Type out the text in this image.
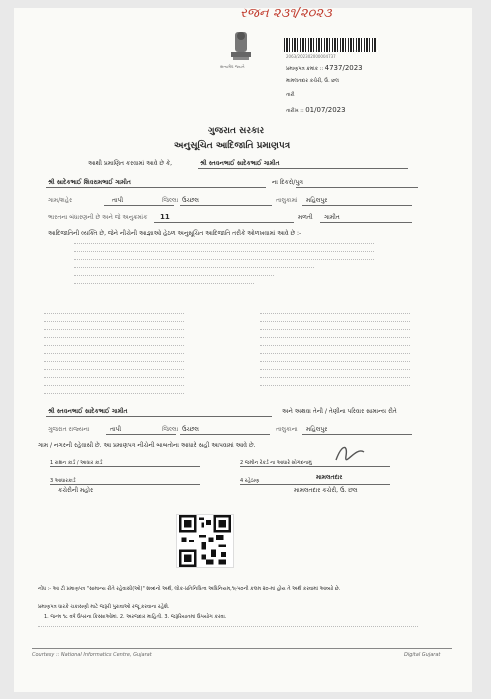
રજન ૨૩૧/૨૦૨૩
2063/202302000004737
સત્યમેવ જયતે	પ્રમાણપત્ર ક્રમાંક :: 4737/2023
મામલતદાર કચેરી, ઉ. છલ
તારી
તારીખ :: 01/07/2023
ગુજરાત સરકાર
અનુસૂચિત આદિજાતિ પ્રમાણપત્ર
આથી પ્રમાણિત કરવામાં આવે છે કે,	શ્રી સ્તવનભાઈ સાદેકભાઈ ગામીત
શ્રી સાદેકભાઈ શિવરામભાઈ ગામીત	ના દિકરો/પુત્ર
ગામ/શહેર	તાપી	જિલ્લા ઉચ્છલ	તાલુકામાં મહિલપુર
ભારતના બંધારણની છે અને જે અનુક્રમાંક 11	મળતી ગામીત
આદિજાતિની વ્યક્તિ છે, જેને નીચેની આજ્ઞાઓ હેઠળ અનુસૂચિત આદિજાતિ તરીકે ઓળખવામાં આવે છે :-
શ્રી સ્તવનભાઈ સાદેકભાઈ ગામીત	અને અથવા તેની / તેણીના પરિવાર સામાન્ય રીતે
ગુજરાત રાજ્યના	તાપી	જિલ્લા ઉચ્છલ	તાલુકાના મહિલપુર
ગામ / નગરની રહેવાસી છે. આ પ્રમાણપત્ર નીચેની બાબતોના આધારે સહી આપવામાં આવે છે.
1 રાશન કાર્ડ / આધાર કાર્ડ	2 જમીન રેકર્ડ ના આધારે સોગંદનામું
3 આધારકાર્ડ	4 રહેઠાણ	મામલતદાર
મામલતદાર કચેરી, ઉ. છલ
કચેરીની મહોર
નોંધ :- આ ટી પ્રમાણપત્ર "સામાન્ય રીતે રહેવાસી(ઓ)" શબ્દનો અર્થ, લોક-પ્રતિનિધિત્વ અધિનિયમ,૧૯૫૦ની કલમ ૨૦-માં હોય તે અર્થ કરવામાં આવ્યો છે.
પ્રમાણપત્ર ધારકે ચકાસણી માટે જરૂરી પુરાવાઓ રજૂ કરવાના રહેશે.
1. જન્મ ૧૮ વર્ષ ઉપરના કિસ્સાઓમાં. 2. અરજદાર માહિતી. 3. જરૂરિયાતમાં ઉપયોગ કરવા.
Courtesy :: National Informatics Centre, Gujarat	Digital Gujarat
